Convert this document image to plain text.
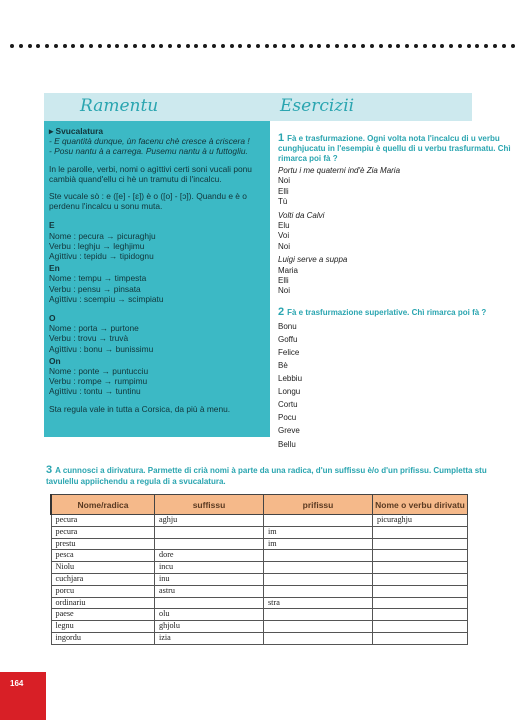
Ramentu	Esercizii
▸ Svucalatura
- E quantità dunque, ùn facenu chè cresce à criscera !
- Posu nantu à a carrega. Pusemu nantu à u futtogliu.
In le parolle, verbi, nomi o agìttivi certi soni vucali ponu cambià quand'ellu ci hè un tramutu di l'incalcu.
Ste vucale sò : e ([e] - [ɛ]) è o ([o] - [ɔ]). Quandu e è o perdenu l'incalcu u sonu muta.
E
Nome : pecura → picuraghju
Verbu : leghju → leghjimu
Agìttivu : tepidu → tipidognu
En
Nome : tempu → timpesta
Verbu : pensu → pinsata
Agìttivu : scempiu → scimpiatu
O
Nome : porta → purtone
Verbu : trovu → truvà
Agìttivu : bonu → bunissimu
On
Nome : ponte → puntucciu
Verbu : rompe → rumpimu
Agìttivu : tontu → tuntinu
Sta regula vale in tutta a Corsica, da più à menu.
1 Fà e trasfurmazione. Ogni volta nota l'incalcu di u verbu cunghjucatu in l'esempiu è quellu di u verbu trasfurmatu. Chì rimarca poi fà ?
Portu i me quaterni ind'è Zia Maria
Noi
Elli
Tù
Volti da Calvi
Elu
Voi
Noi
Luigi serve a suppa
Maria
Elli
Noi
2 Fà e trasfurmazione superlative. Chì rimarca poi fà ?
Bonu
Goffu
Felice
Bè
Lebbiu
Longu
Cortu
Pocu
Greve
Bellu
3 A cunnosci a dirivatura. Parmette di crià nomi à parte da una radica, d'un suffissu è/o d'un prifissu. Cumpletta stu tavulellu appiichendu a regula di a svucalatura.
Nome/radica	suffissu	prifissu	Nome o verbu dirivatu
pecura	aghju		picuraghju
pecura		im	
prestu		im	
pesca	dore		
Niolu	incu		
cuchjara	inu		
porcu	astru		
ordinariu		stra	
paese	olu		
legnu	ghjolu		
ingordu	izia		
164
